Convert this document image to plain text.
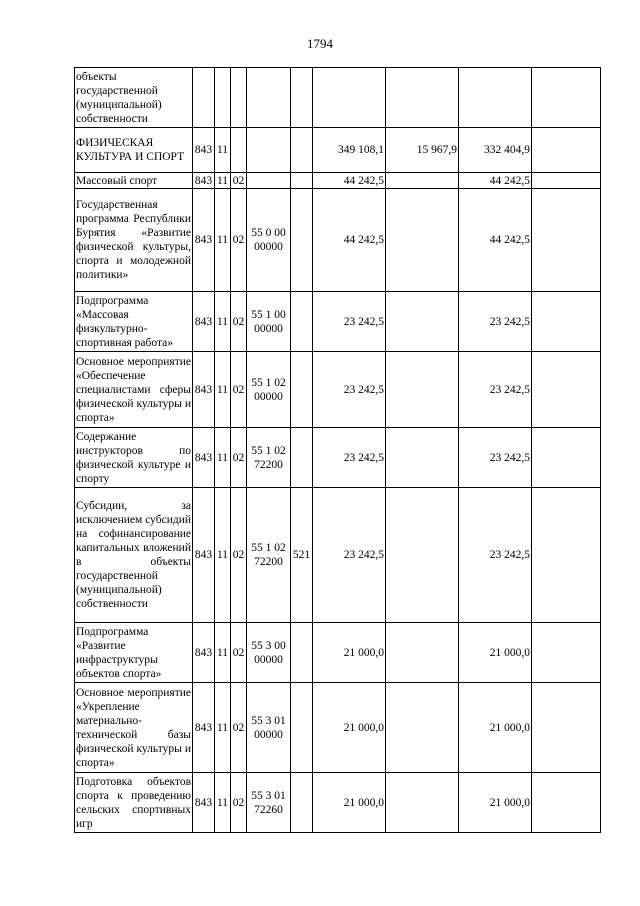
1794
объекты государственной (муниципальной) собственности									
ФИЗИЧЕСКАЯ КУЛЬТУРА И СПОРТ	843	11				349 108,1	15 967,9	332 404,9	
Массовый спорт	843	11	02			44 242,5		44 242,5	
Государственная программа Республики Бурятия «Развитие физической культуры, спорта и молодежной политики»	843	11	02	55 0 00 00000		44 242,5		44 242,5	
Подпрограмма «Массовая физкультурно-спортивная работа»	843	11	02	55 1 00 00000		23 242,5		23 242,5	
Основное мероприятие «Обеспечение специалистами сферы физической культуры и спорта»	843	11	02	55 1 02 00000		23 242,5		23 242,5	
Содержание инструкторов по физической культуре и спорту	843	11	02	55 1 02 72200		23 242,5		23 242,5	
Субсидии, за исключением субсидий на софинансирование капитальных вложений в объекты государственной (муниципальной) собственности	843	11	02	55 1 02 72200	521	23 242,5		23 242,5	
Подпрограмма «Развитие инфраструктуры объектов спорта»	843	11	02	55 3 00 00000		21 000,0		21 000,0	
Основное мероприятие «Укрепление материально-технической базы физической культуры и спорта»	843	11	02	55 3 01 00000		21 000,0		21 000,0	
Подготовка объектов спорта к проведению сельских спортивных игр	843	11	02	55 3 01 72260		21 000,0		21 000,0	
